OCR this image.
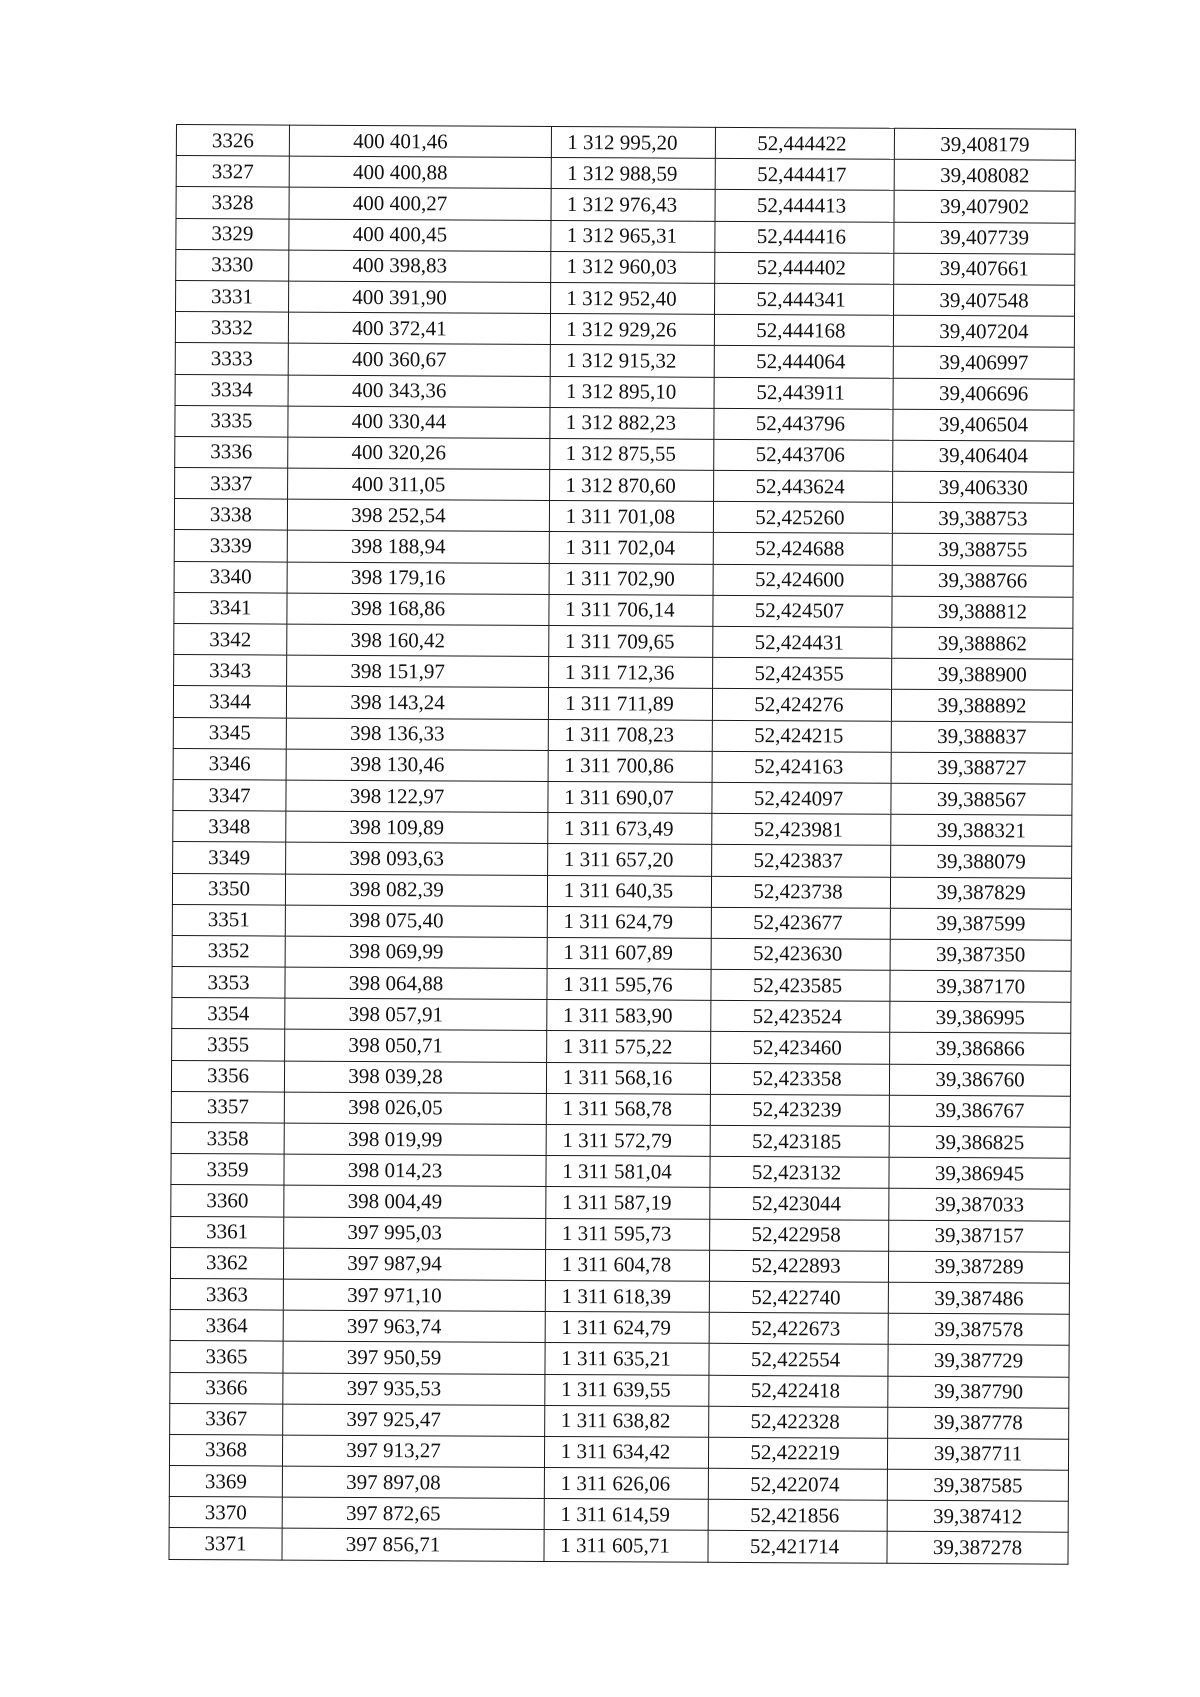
3326	400 401,46	1 312 995,20	52,444422	39,408179
3327	400 400,88	1 312 988,59	52,444417	39,408082
3328	400 400,27	1 312 976,43	52,444413	39,407902
3329	400 400,45	1 312 965,31	52,444416	39,407739
3330	400 398,83	1 312 960,03	52,444402	39,407661
3331	400 391,90	1 312 952,40	52,444341	39,407548
3332	400 372,41	1 312 929,26	52,444168	39,407204
3333	400 360,67	1 312 915,32	52,444064	39,406997
3334	400 343,36	1 312 895,10	52,443911	39,406696
3335	400 330,44	1 312 882,23	52,443796	39,406504
3336	400 320,26	1 312 875,55	52,443706	39,406404
3337	400 311,05	1 312 870,60	52,443624	39,406330
3338	398 252,54	1 311 701,08	52,425260	39,388753
3339	398 188,94	1 311 702,04	52,424688	39,388755
3340	398 179,16	1 311 702,90	52,424600	39,388766
3341	398 168,86	1 311 706,14	52,424507	39,388812
3342	398 160,42	1 311 709,65	52,424431	39,388862
3343	398 151,97	1 311 712,36	52,424355	39,388900
3344	398 143,24	1 311 711,89	52,424276	39,388892
3345	398 136,33	1 311 708,23	52,424215	39,388837
3346	398 130,46	1 311 700,86	52,424163	39,388727
3347	398 122,97	1 311 690,07	52,424097	39,388567
3348	398 109,89	1 311 673,49	52,423981	39,388321
3349	398 093,63	1 311 657,20	52,423837	39,388079
3350	398 082,39	1 311 640,35	52,423738	39,387829
3351	398 075,40	1 311 624,79	52,423677	39,387599
3352	398 069,99	1 311 607,89	52,423630	39,387350
3353	398 064,88	1 311 595,76	52,423585	39,387170
3354	398 057,91	1 311 583,90	52,423524	39,386995
3355	398 050,71	1 311 575,22	52,423460	39,386866
3356	398 039,28	1 311 568,16	52,423358	39,386760
3357	398 026,05	1 311 568,78	52,423239	39,386767
3358	398 019,99	1 311 572,79	52,423185	39,386825
3359	398 014,23	1 311 581,04	52,423132	39,386945
3360	398 004,49	1 311 587,19	52,423044	39,387033
3361	397 995,03	1 311 595,73	52,422958	39,387157
3362	397 987,94	1 311 604,78	52,422893	39,387289
3363	397 971,10	1 311 618,39	52,422740	39,387486
3364	397 963,74	1 311 624,79	52,422673	39,387578
3365	397 950,59	1 311 635,21	52,422554	39,387729
3366	397 935,53	1 311 639,55	52,422418	39,387790
3367	397 925,47	1 311 638,82	52,422328	39,387778
3368	397 913,27	1 311 634,42	52,422219	39,387711
3369	397 897,08	1 311 626,06	52,422074	39,387585
3370	397 872,65	1 311 614,59	52,421856	39,387412
3371	397 856,71	1 311 605,71	52,421714	39,387278
